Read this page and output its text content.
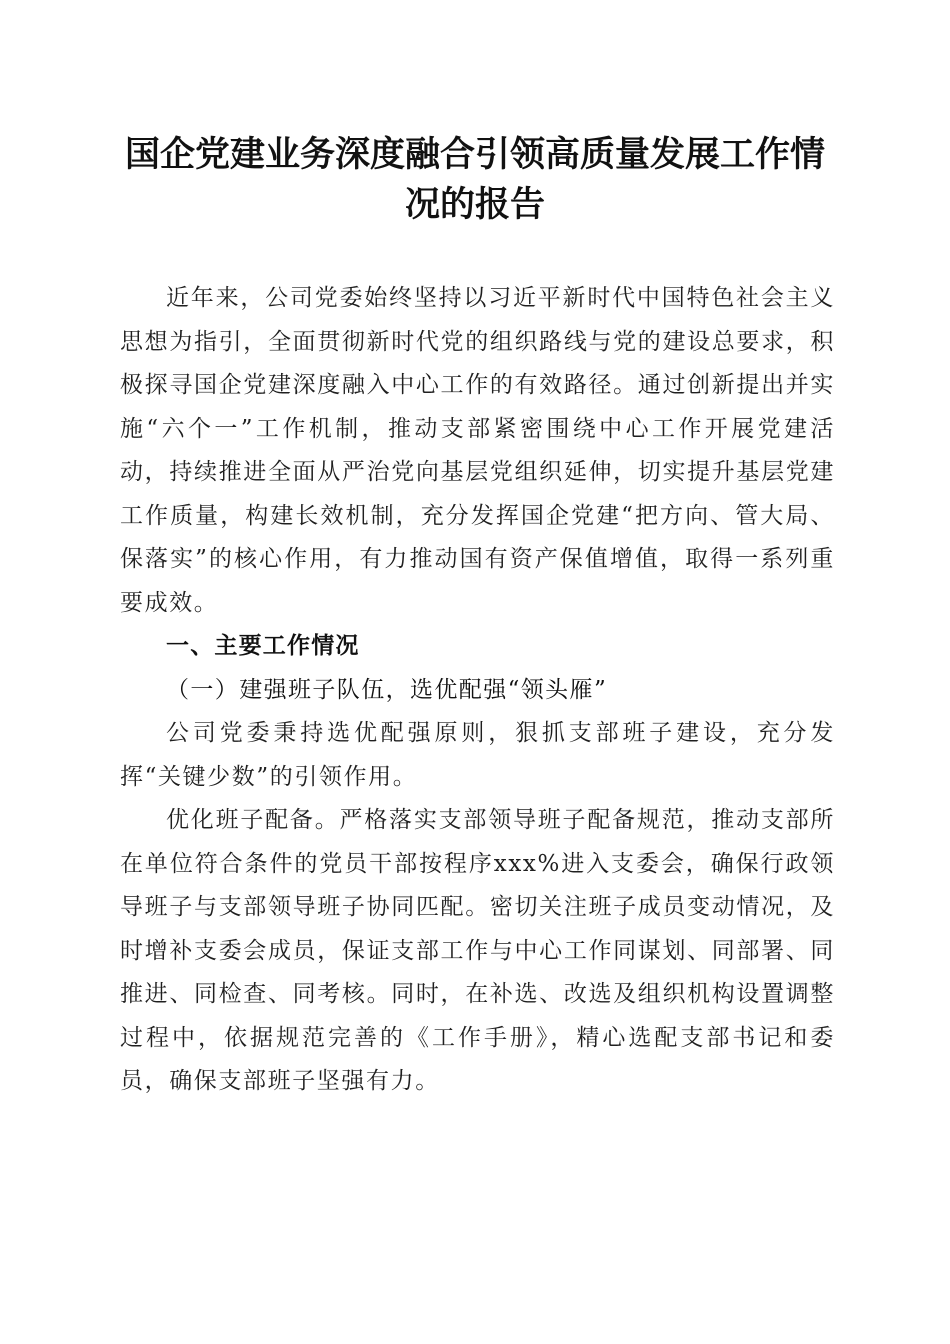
国企党建业务深度融合引领高质量发展工作情
况的报告

近年来，公司党委始终坚持以习近平新时代中国特色社会主义思想为指引，全面贯彻新时代党的组织路线与党的建设总要求，积极探寻国企党建深度融入中心工作的有效路径。通过创新提出并实施“六个一”工作机制，推动支部紧密围绕中心工作开展党建活动，持续推进全面从严治党向基层党组织延伸，切实提升基层党建工作质量，构建长效机制，充分发挥国企党建“把方向、管大局、保落实”的核心作用，有力推动国有资产保值增值，取得一系列重要成效。

一、主要工作情况

（一）建强班子队伍，选优配强“领头雁”

公司党委秉持选优配强原则，狠抓支部班子建设，充分发挥“关键少数”的引领作用。

优化班子配备。严格落实支部领导班子配备规范，推动支部所在单位符合条件的党员干部按程序xxx%进入支委会，确保行政领导班子与支部领导班子协同匹配。密切关注班子成员变动情况，及时增补支委会成员，保证支部工作与中心工作同谋划、同部署、同推进、同检查、同考核。同时，在补选、改选及组织机构设置调整过程中，依据规范完善的《工作手册》，精心选配支部书记和委员，确保支部班子坚强有力。
